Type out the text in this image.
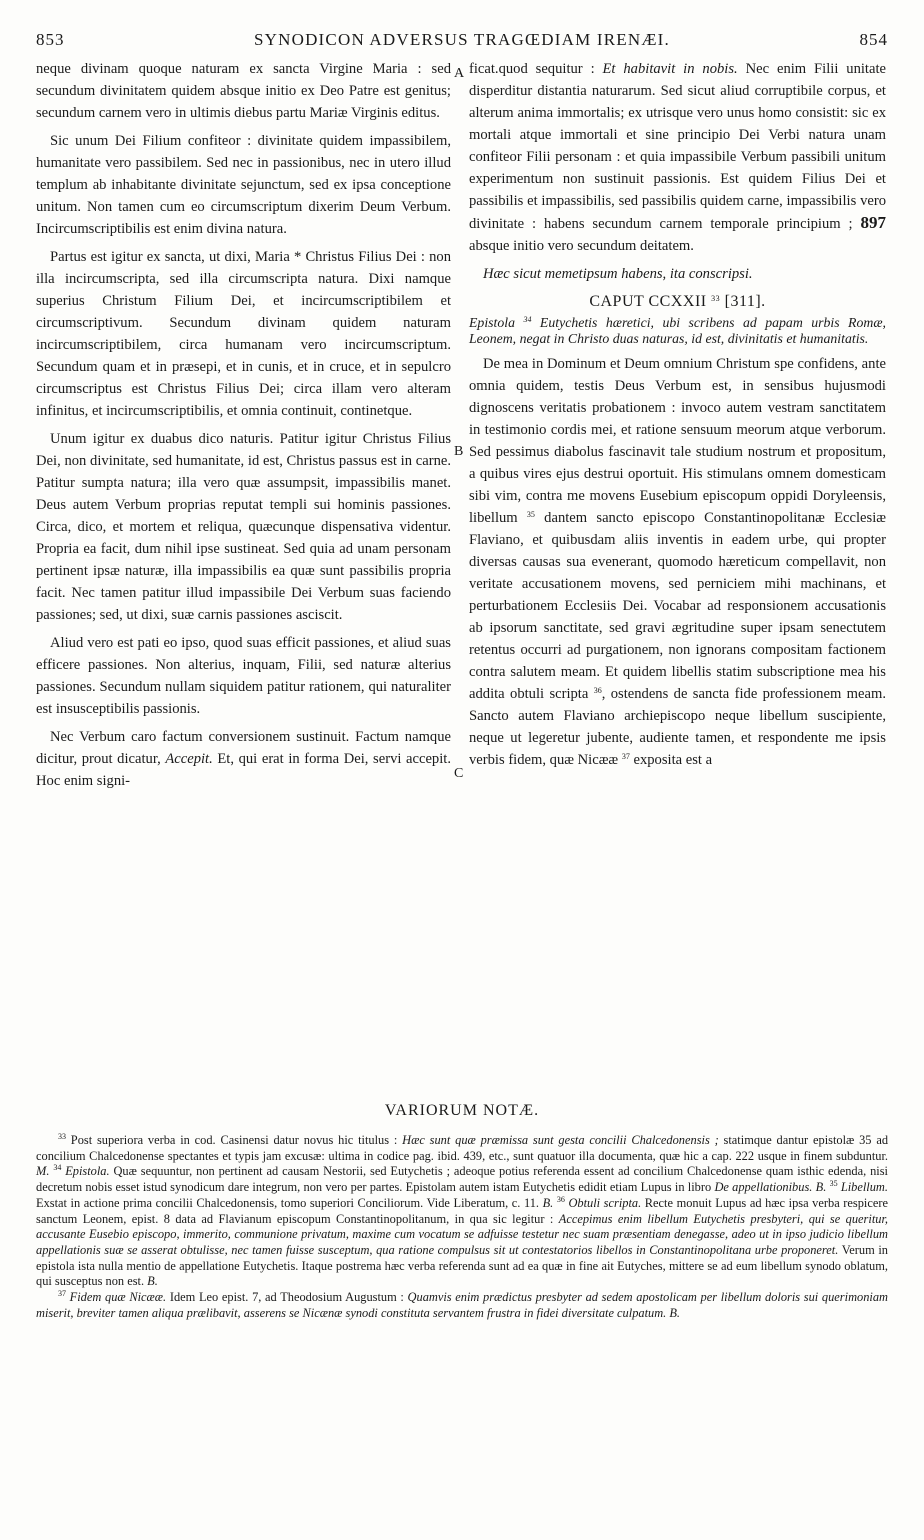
853	SYNODICON ADVERSUS TRAGŒDIAM IRENÆI.	854
A
B
C

neque divinam quoque naturam ex sancta Virgine Maria : sed secundum divinitatem quidem absque initio ex Deo Patre est genitus; secundum carnem vero in ultimis diebus partu Mariæ Virginis editus.

Sic unum Dei Filium confiteor : divinitate quidem impassibilem, humanitate vero passibilem. Sed nec in passionibus, nec in utero illud templum ab inhabitante divinitate sejunctum, sed ex ipsa conceptione unitum. Non tamen cum eo circumscriptum dixerim Deum Verbum. Incircumscriptibilis est enim divina natura.

Partus est igitur ex sancta, ut dixi, Maria * Christus Filius Dei : non illa incircumscripta, sed illa circumscripta natura. Dixi namque superius Christum Filium Dei, et incircumscriptibilem et circumscriptivum. Secundum divinam quidem naturam incircumscriptibilem, circa humanam vero incircumscriptum. Secundum quam et in præsepi, et in cunis, et in cruce, et in sepulcro circumscriptus est Christus Filius Dei; circa illam vero alteram infinitus, et incircumscriptibilis, et omnia continuit, continetque.

Unum igitur ex duabus dico naturis. Patitur igitur Christus Filius Dei, non divinitate, sed humanitate, id est, Christus passus est in carne. Patitur sumpta natura; illa vero quæ assumpsit, impassibilis manet. Deus autem Verbum proprias reputat templi sui hominis passiones. Circa, dico, et mortem et reliqua, quæcunque dispensativa videntur. Propria ea facit, dum nihil ipse sustineat. Sed quia ad unam personam pertinent ipsæ naturæ, illa impassibilis ea quæ sunt passibilis propria facit. Nec tamen patitur illud impassibile Dei Verbum suas faciendo passiones; sed, ut dixi, suæ carnis passiones asciscit.

Aliud vero est pati eo ipso, quod suas efficit passiones, et aliud suas efficere passiones. Non alterius, inquam, Filii, sed naturæ alterius passiones. Secundum nullam siquidem patitur rationem, qui naturaliter est insusceptibilis passionis.

Nec Verbum caro factum conversionem sustinuit. Factum namque dicitur, prout dicatur, Accepit. Et, qui erat in forma Dei, servi accepit. Hoc enim signi-

ficat.quod sequitur : Et habitavit in nobis. Nec enim Filii unitate disperditur distantia naturarum. Sed sicut aliud corruptibile corpus, et alterum anima immortalis; ex utrisque vero unus homo consistit: sic ex mortali atque immortali et sine principio Dei Verbi natura unam confiteor Filii personam : et quia impassibile Verbum passibili unitum experimentum non sustinuit passionis. Est quidem Filius Dei et passibilis et impassibilis, sed passibilis quidem carne, impassibilis vero divinitate : habens secundum carnem temporale principium ; 897 absque initio vero secundum deitatem.

Hæc sicut memetipsum habens, ita conscripsi.

CAPUT CCXXII $^{33}$ [311].

Epistola $^{34}$ Eutychetis hæretici, ubi scribens ad papam urbis Romæ, Leonem, negat in Christo duas naturas, id est, divinitatis et humanitatis.

De mea in Dominum et Deum omnium Christum spe confidens, ante omnia quidem, testis Deus Verbum est, in sensibus hujusmodi dignoscens veritatis probationem : invoco autem vestram sanctitatem in testimonio cordis mei, et ratione sensuum meorum atque verborum. Sed pessimus diabolus fascinavit tale studium nostrum et propositum, a quibus vires ejus destrui oportuit. His stimulans omnem domesticam sibi vim, contra me movens Eusebium episcopum oppidi Doryleensis, libellum $^{35}$ dantem sancto episcopo Constantinopolitanæ Ecclesiæ Flaviano, et quibusdam aliis inventis in eadem urbe, qui propter diversas causas sua evenerant, quomodo hæreticum compellavit, non veritate accusationem movens, sed perniciem mihi machinans, et perturbationem Ecclesiis Dei. Vocabar ad responsionem accusationis ab ipsorum sanctitate, sed gravi ægritudine super ipsam senectutem retentus occurri ad purgationem, non ignorans compositam factionem contra salutem meam. Et quidem libellis statim subscriptione mea his addita obtuli scripta $^{36}$, ostendens de sancta fide professionem meam. Sancto autem Flaviano archiepiscopo neque libellum suscipiente, neque ut legeretur jubente, audiente tamen, et respondente me ipsis verbis fidem, quæ Nicææ $^{37}$ exposita est a

VARIORUM NOTÆ.

$^{33}$ Post superiora verba in cod. Casinensi datur novus hic titulus : Hæc sunt quæ præmissa sunt gesta concilii Chalcedonensis ; statimque dantur epistolæ 35 ad concilium Chalcedonense spectantes et typis jam excusæ: ultima in codice pag. ibid. 439, etc., sunt quatuor illa documenta, quæ hic a cap. 222 usque in finem subduntur. M. $^{34}$ Epistola. Quæ sequuntur, non pertinent ad causam Nestorii, sed Eutychetis ; adeoque potius referenda essent ad concilium Chalcedonense quam isthic edenda, nisi decretum nobis esset istud synodicum dare integrum, non vero per partes. Epistolam autem istam Eutychetis edidit etiam Lupus in libro De appellationibus. B. $^{35}$ Libellum. Exstat in actione prima concilii Chalcedonensis, tomo superiori Conciliorum. Vide Liberatum, c. 11. B. $^{36}$ Obtuli scripta. Recte monuit Lupus ad hæc ipsa verba respicere sanctum Leonem, epist. 8 data ad Flavianum episcopum Constantinopolitanum, in qua sic legitur : Accepimus enim libellum Eutychetis presbyteri, qui se queritur, accusante Eusebio episcopo, immerito, communione privatum, maxime cum vocatum se adfuisse testetur nec suam præsentiam denegasse, adeo ut in ipso judicio libellum appellationis suæ se asserat obtulisse, nec tamen fuisse susceptum, qua ratione compulsus sit ut contestatorios libellos in Constantinopolitana urbe proponeret. Verum in epistola ista nulla mentio de appellatione Eutychetis. Itaque postrema hæc verba referenda sunt ad ea quæ in fine ait Eutyches, mittere se ad eum libellum synodo oblatum, qui susceptus non est. B.

$^{37}$ Fidem quæ Nicææ. Idem Leo epist. 7, ad Theodosium Augustum : Quamvis enim prædictus presbyter ad sedem apostolicam per libellum doloris sui querimoniam miserit, breviter tamen aliqua prælibavit, asserens se Nicænæ synodi constituta servantem frustra in fidei diversitate culpatum. B.
